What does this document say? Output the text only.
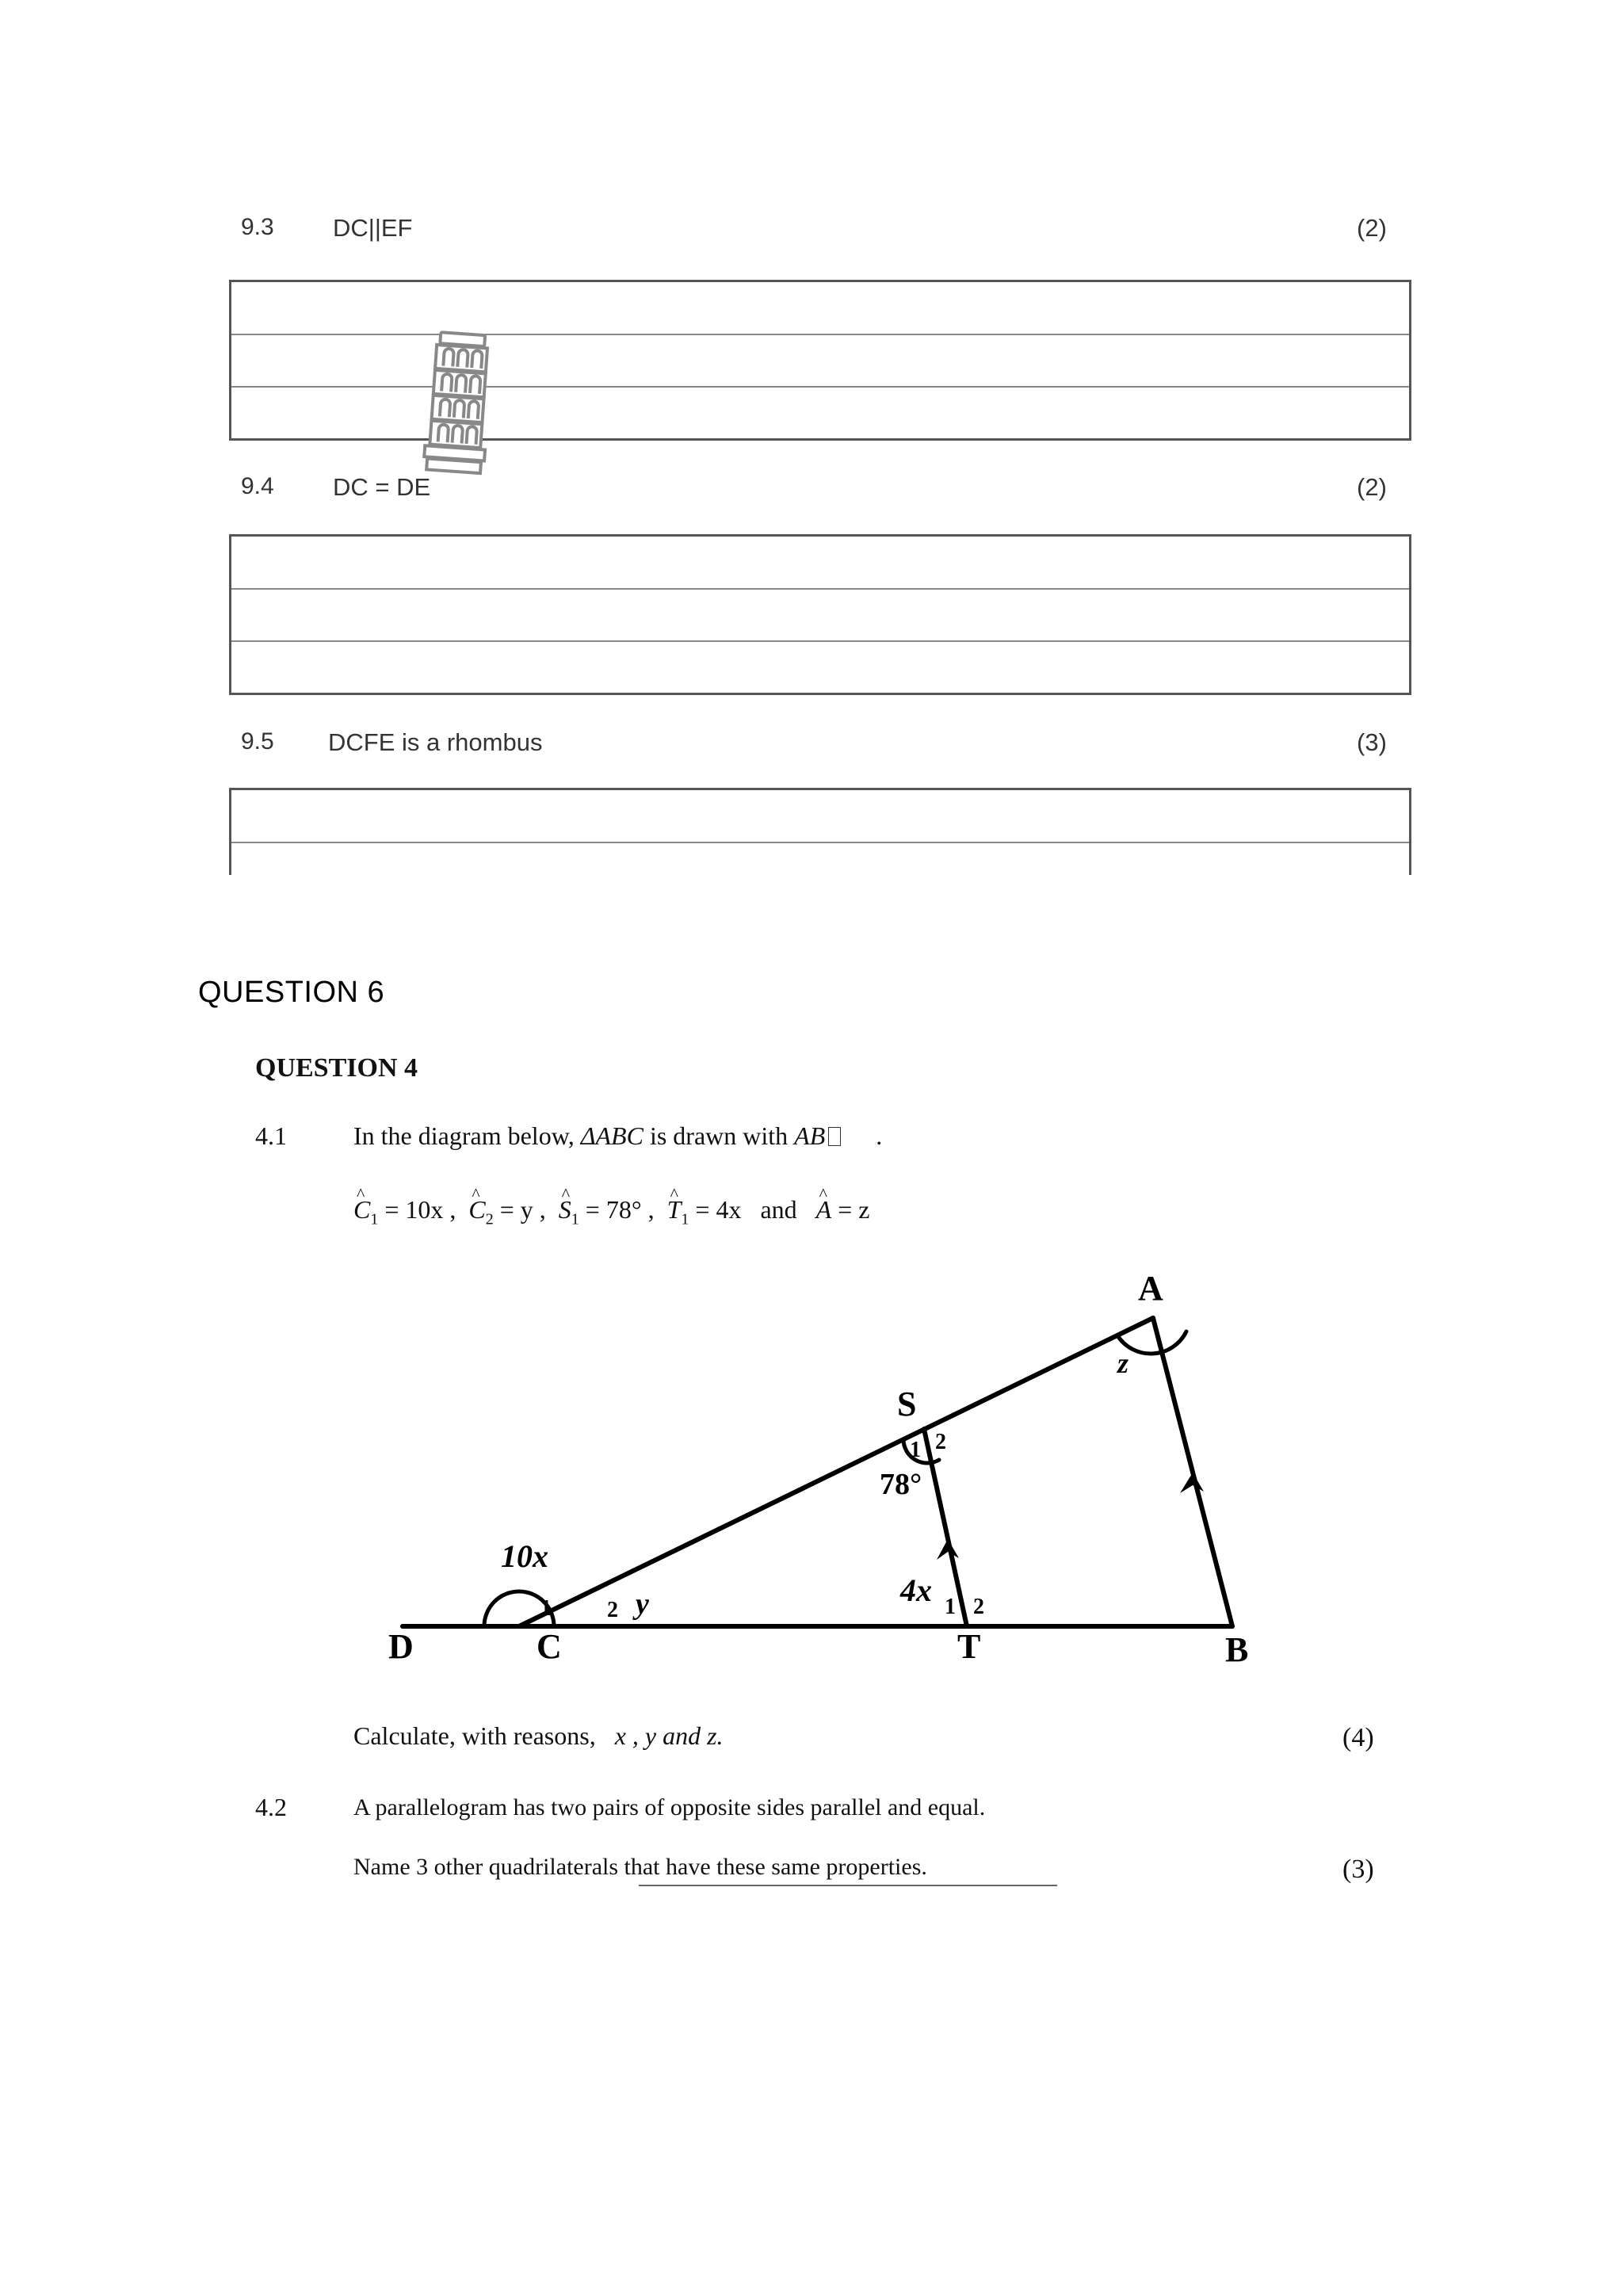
9.3 DC||EF	(2)
9.4 DC = DE	(2)
9.5 DCFE is a rhombus	(3)
QUESTION 6
QUESTION 4
4.1	In the diagram below, ΔABC is drawn with AB .
^ $C_1 = 10x$ ,  ^ $C_2 = y$ ,  ^ $S_1 = 78^\circ$ ,  ^ $T_1 = 4x$ and   ^ A = z
A
B
C
D
S
T
z
1 2
78°
10x
1	2 y	4x 1 2
Calculate, with reasons, x , y and z.	(4)
4.2	A parallelogram has two pairs of opposite sides parallel and equal.
Name 3 other quadrilaterals that have these same properties.	(3)
